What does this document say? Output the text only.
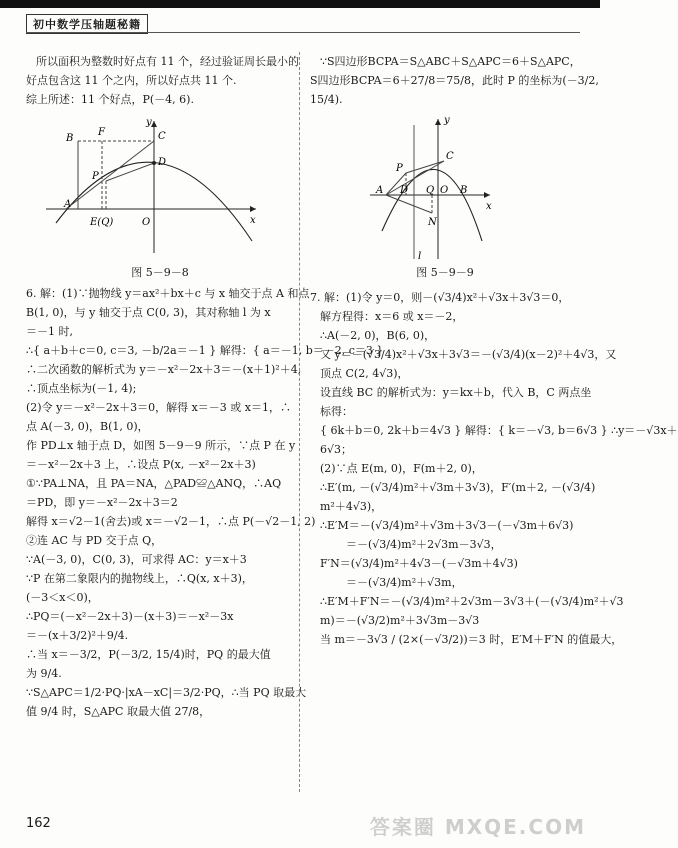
初中数学压轴题秘籍
所以面积为整数时好点有 11 个，经过验证周长最小的
好点包含这 11 个之内，所以好点共 11 个.
综上所述：11 个好点，P(－4, 6).
B
F	C
D
P
A
E(Q)	O	x
y
图 5－9－8
6. 解：(1)∵抛物线 y＝ax²＋bx＋c 与 x 轴交于点 A 和点
B(1, 0)，与 y 轴交于点 C(0, 3)，其对称轴 l 为 x
＝－1 时,
∴{ a＋b＋c＝0, c＝3, －b/2a＝－1 } 解得：{ a＝－1, b＝－2, c＝3 }
∴二次函数的解析式为 y＝－x²－2x＋3＝－(x＋1)²＋4,
∴顶点坐标为(－1, 4);
(2)令 y＝－x²－2x＋3＝0，解得 x＝－3 或 x＝1，∴
点 A(－3, 0)，B(1, 0)，
作 PD⊥x 轴于点 D，如图 5－9－9 所示，∵点 P 在 y
＝－x²－2x＋3 上，∴设点 P(x, －x²－2x＋3)
①∵PA⊥NA，且 PA＝NA，△PAD≌△ANQ，∴AQ
＝PD，即 y＝－x²－2x＋3＝2
解得 x＝√2－1(舍去)或 x＝－√2－1，∴点 P(－√2－1, 2)
②连 AC 与 PD 交于点 Q，
∵A(－3, 0)，C(0, 3)，可求得 AC：y＝x＋3
∵P 在第二象限内的抛物线上，∴Q(x, x＋3)，
(－3＜x＜0)，
∴PQ＝(－x²－2x＋3)－(x＋3)＝－x²－3x
＝－(x＋3/2)²＋9/4.
∴当 x＝－3/2，P(－3/2, 15/4)时，PQ 的最大值
为 9/4.
∵S△APC＝1/2·PQ·|xA－xC|＝3/2·PQ，∴当 PQ 取最大
值 9/4 时，S△APC 取最大值 27/8，
∵S四边形BCPA＝S△ABC＋S△APC＝6＋S△APC，
S四边形BCPA＝6＋27/8＝75/8，此时 P 的坐标为(－3/2,
15/4).
y
C
P
A D Q O B
x
N
l
图 5－9－9
7. 解：(1)令 y＝0，则－(√3/4)x²＋√3x＋3√3＝0，
解方程得：x＝6 或 x＝－2，
∴A(－2, 0)，B(6, 0)，
又 y＝－(√3/4)x²＋√3x＋3√3＝－(√3/4)(x－2)²＋4√3，又
顶点 C(2, 4√3)，
设直线 BC 的解析式为：y＝kx＋b，代入 B，C 两点坐
标得：
{ 6k＋b＝0, 2k＋b＝4√3 } 解得：{ k＝－√3, b＝6√3 } ∴y＝－√3x＋
6√3；
(2)∵点 E(m, 0)，F(m＋2, 0)，
∴E′(m, －(√3/4)m²＋√3m＋3√3)，F′(m＋2, －(√3/4)
m²＋4√3)，
∴E′M＝－(√3/4)m²＋√3m＋3√3－(－√3m＋6√3)
＝－(√3/4)m²＋2√3m－3√3，
F′N＝(√3/4)m²＋4√3－(－√3m＋4√3)
＝－(√3/4)m²＋√3m，
∴E′M＋F′N＝－(√3/4)m²＋2√3m－3√3＋(－(√3/4)m²＋√3
m)＝－(√3/2)m²＋3√3m－3√3
当 m＝－3√3 / (2×(－√3/2))＝3 时，E′M＋F′N 的值最大，
162	答案圈 MXQE.COM
